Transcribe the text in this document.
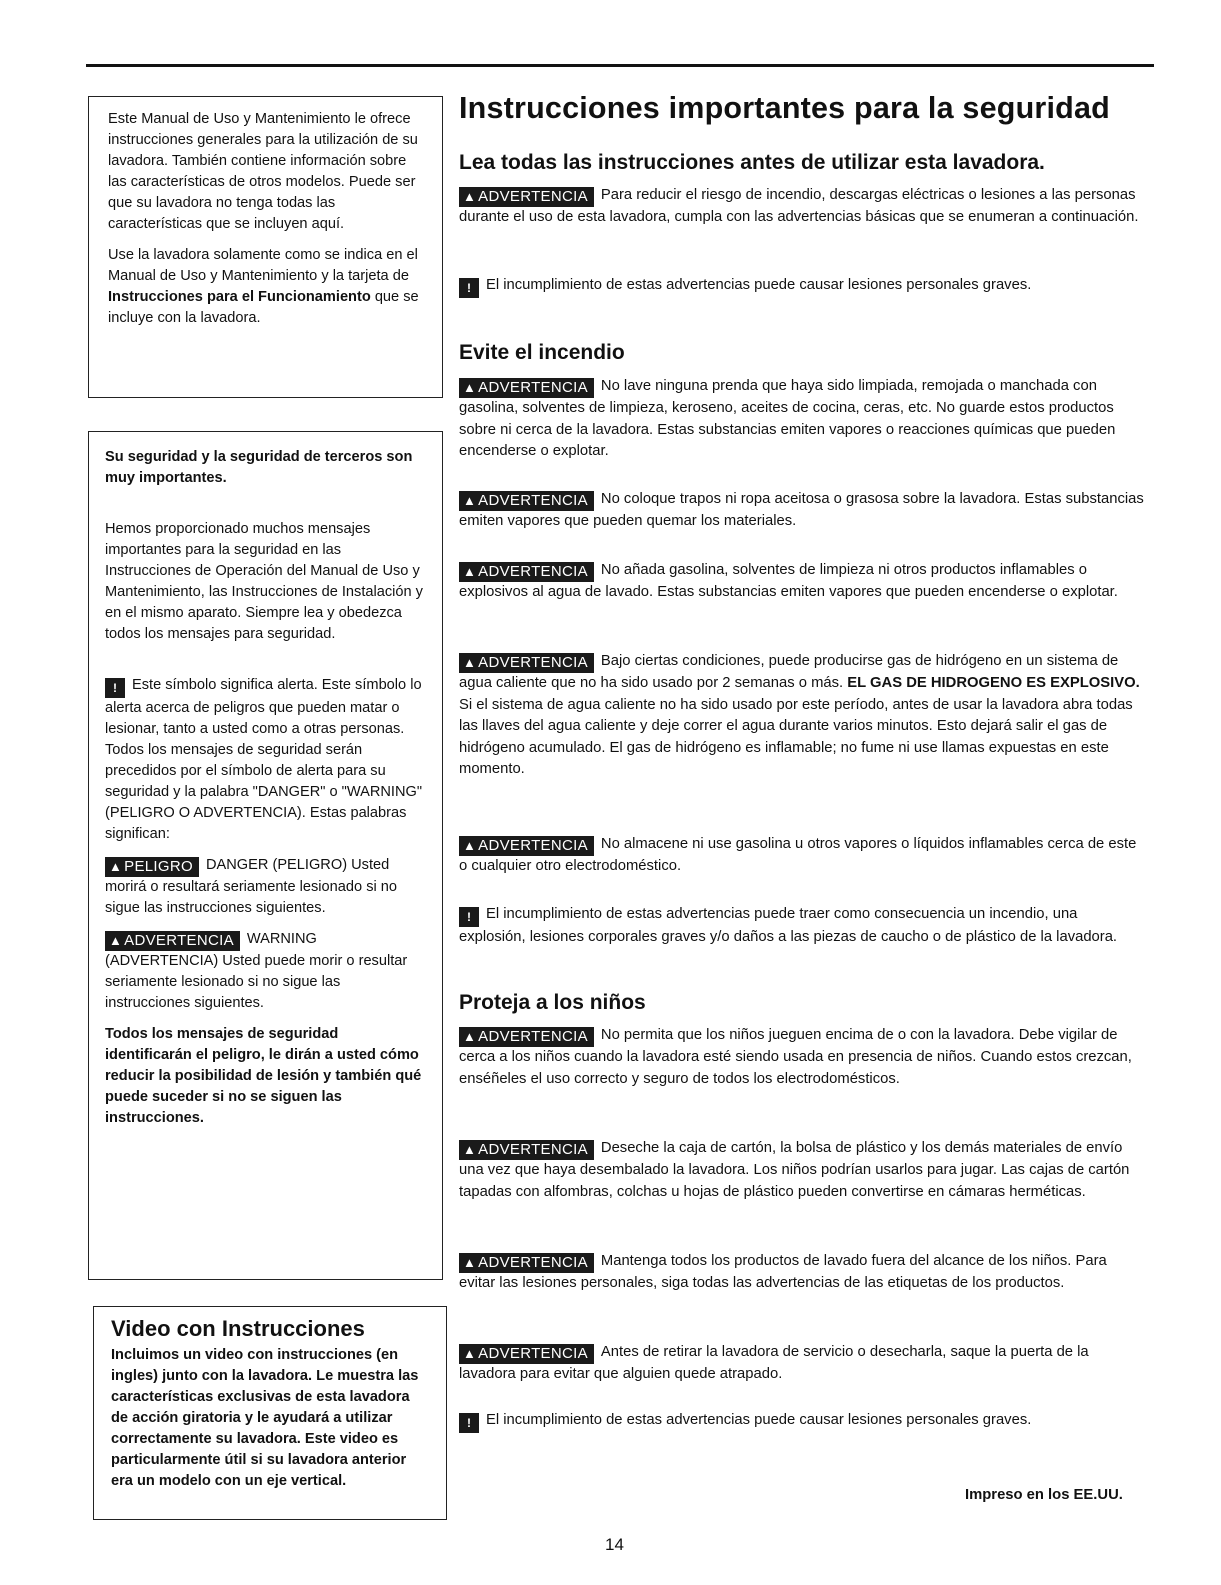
Este Manual de Uso y Mantenimiento le ofrece instrucciones generales para la utilización de su lavadora. También contiene información sobre las características de otros modelos. Puede ser que su lavadora no tenga todas las características que se incluyen aquí.

Use la lavadora solamente como se indica en el Manual de Uso y Mantenimiento y la tarjeta de Instrucciones para el Funcionamiento que se incluye con la lavadora.

Su seguridad y la seguridad de terceros son muy importantes.

Hemos proporcionado muchos mensajes importantes para la seguridad en las Instrucciones de Operación del Manual de Uso y Mantenimiento, las Instrucciones de Instalación y en el mismo aparato. Siempre lea y obedezca todos los mensajes para seguridad.

! Este símbolo significa alerta. Este símbolo lo alerta acerca de peligros que pueden matar o lesionar, tanto a usted como a otras personas. Todos los mensajes de seguridad serán precedidos por el símbolo de alerta para su seguridad y la palabra "DANGER" o "WARNING" (PELIGRO O ADVERTENCIA). Estas palabras significan:

▲ PELIGRO DANGER (PELIGRO) Usted morirá o resultará seriamente lesionado si no sigue las instrucciones siguientes.

▲ ADVERTENCIA WARNING (ADVERTENCIA) Usted puede morir o resultar seriamente lesionado si no sigue las instrucciones siguientes.

Todos los mensajes de seguridad identificarán el peligro, le dirán a usted cómo reducir la posibilidad de lesión y también qué puede suceder si no se siguen las instrucciones.

Video con Instrucciones

Incluimos un video con instrucciones (en ingles) junto con la lavadora. Le muestra las características exclusivas de esta lavadora de acción giratoria y le ayudará a utilizar correctamente su lavadora. Este video es particularmente útil si su lavadora anterior era un modelo con un eje vertical.

Instrucciones importantes para la seguridad
Lea todas las instrucciones antes de utilizar esta lavadora.

▲ ADVERTENCIA Para reducir el riesgo de incendio, descargas eléctricas o lesiones a las personas durante el uso de esta lavadora, cumpla con las advertencias básicas que se enumeran a continuación.

! El incumplimiento de estas advertencias puede causar lesiones personales graves.

Evite el incendio

▲ ADVERTENCIA No lave ninguna prenda que haya sido limpiada, remojada o manchada con gasolina, solventes de limpieza, keroseno, aceites de cocina, ceras, etc. No guarde estos productos sobre ni cerca de la lavadora. Estas substancias emiten vapores o reacciones químicas que pueden encenderse o explotar.

▲ ADVERTENCIA No coloque trapos ni ropa aceitosa o grasosa sobre la lavadora. Estas substancias emiten vapores que pueden quemar los materiales.

▲ ADVERTENCIA No añada gasolina, solventes de limpieza ni otros productos inflamables o explosivos al agua de lavado. Estas substancias emiten vapores que pueden encenderse o explotar.

▲ ADVERTENCIA Bajo ciertas condiciones, puede producirse gas de hidrógeno en un sistema de agua caliente que no ha sido usado por 2 semanas o más. EL GAS DE HIDROGENO ES EXPLOSIVO. Si el sistema de agua caliente no ha sido usado por este período, antes de usar la lavadora abra todas las llaves del agua caliente y deje correr el agua durante varios minutos. Esto dejará salir el gas de hidrógeno acumulado. El gas de hidrógeno es inflamable; no fume ni use llamas expuestas en este momento.

▲ ADVERTENCIA No almacene ni use gasolina u otros vapores o líquidos inflamables cerca de este o cualquier otro electrodoméstico.

! El incumplimiento de estas advertencias puede traer como consecuencia un incendio, una explosión, lesiones corporales graves y/o daños a las piezas de caucho o de plástico de la lavadora.

Proteja a los niños

▲ ADVERTENCIA No permita que los niños jueguen encima de o con la lavadora. Debe vigilar de cerca a los niños cuando la lavadora esté siendo usada en presencia de niños. Cuando estos crezcan, enséñeles el uso correcto y seguro de todos los electrodomésticos.

▲ ADVERTENCIA Deseche la caja de cartón, la bolsa de plástico y los demás materiales de envío una vez que haya desembalado la lavadora. Los niños podrían usarlos para jugar. Las cajas de cartón tapadas con alfombras, colchas u hojas de plástico pueden convertirse en cámaras herméticas.

▲ ADVERTENCIA Mantenga todos los productos de lavado fuera del alcance de los niños. Para evitar las lesiones personales, siga todas las advertencias de las etiquetas de los productos.

▲ ADVERTENCIA Antes de retirar la lavadora de servicio o desecharla, saque la puerta de la lavadora para evitar que alguien quede atrapado.

! El incumplimiento de estas advertencias puede causar lesiones personales graves.

Impreso en los EE.UU.
14
